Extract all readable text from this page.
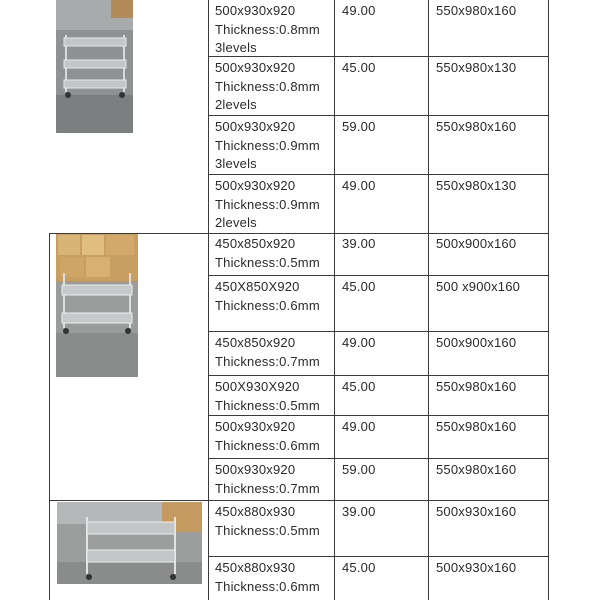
500x930x920
Thickness:0.8mm
3levels
49.00	550x980x160
500x930x920
Thickness:0.8mm
2levels
45.00	550x980x130
500x930x920
Thickness:0.9mm
3levels
59.00	550x980x160
500x930x920
Thickness:0.9mm
2levels
49.00	550x980x130
450x850x920
Thickness:0.5mm
39.00	500x900x160
450X850X920
Thickness:0.6mm
45.00	500 x900x160
450x850x920
Thickness:0.7mm
49.00	500x900x160
500X930X920
Thickness:0.5mm
45.00	550x980x160
500x930x920
Thickness:0.6mm
49.00	550x980x160
500x930x920
Thickness:0.7mm
59.00	550x980x160
450x880x930
Thickness:0.5mm
39.00	500x930x160
450x880x930
Thickness:0.6mm
45.00	500x930x160
